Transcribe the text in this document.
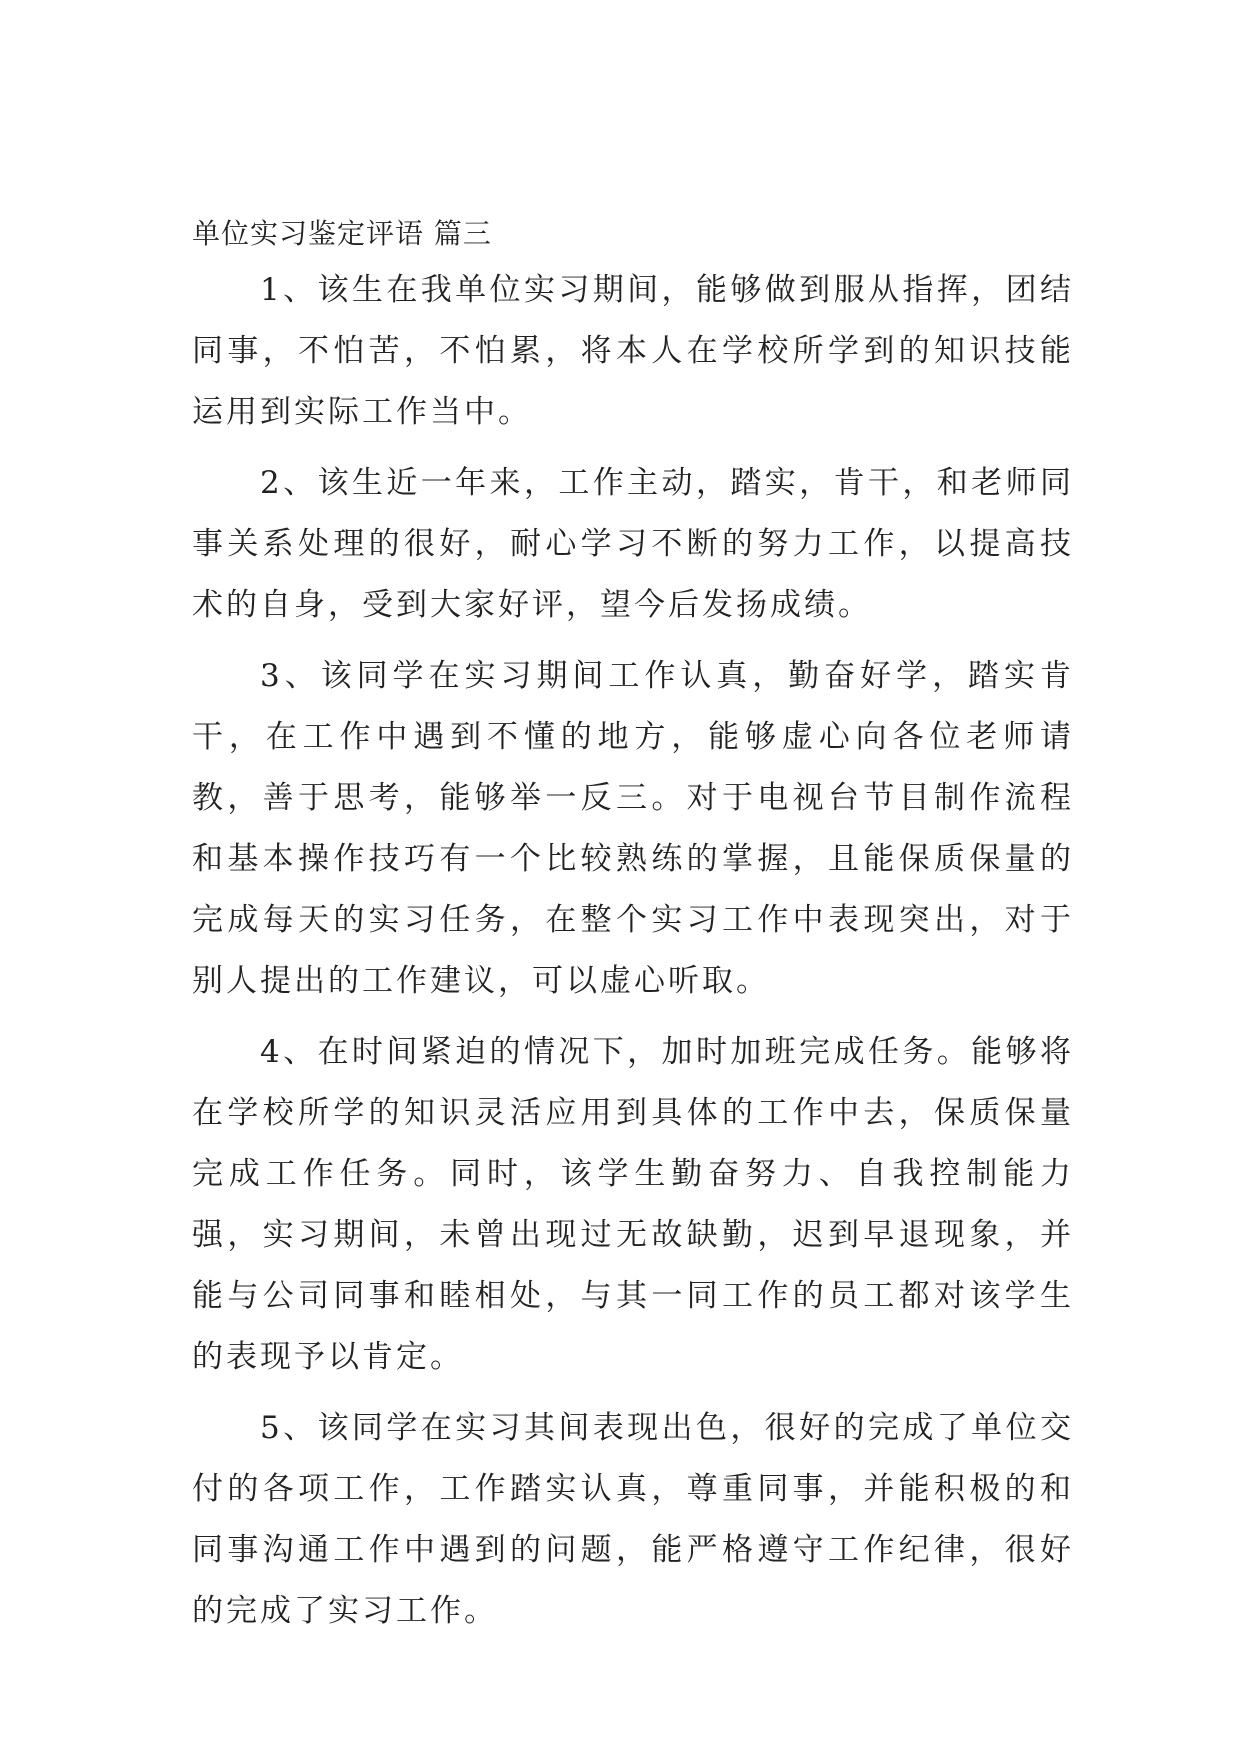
单位实习鉴定评语 篇三

1、该生在我单位实习期间，能够做到服从指挥，团结同事，不怕苦，不怕累，将本人在学校所学到的知识技能运用到实际工作当中。

2、该生近一年来，工作主动，踏实，肯干，和老师同事关系处理的很好，耐心学习不断的努力工作，以提高技术的自身，受到大家好评，望今后发扬成绩。

3、该同学在实习期间工作认真，勤奋好学，踏实肯干，在工作中遇到不懂的地方，能够虚心向各位老师请教，善于思考，能够举一反三。对于电视台节目制作流程和基本操作技巧有一个比较熟练的掌握，且能保质保量的完成每天的实习任务，在整个实习工作中表现突出，对于别人提出的工作建议，可以虚心听取。

4、在时间紧迫的情况下，加时加班完成任务。能够将在学校所学的知识灵活应用到具体的工作中去，保质保量完成工作任务。同时，该学生勤奋努力、自我控制能力强，实习期间，未曾出现过无故缺勤，迟到早退现象，并能与公司同事和睦相处，与其一同工作的员工都对该学生的表现予以肯定。

5、该同学在实习其间表现出色，很好的完成了单位交付的各项工作，工作踏实认真，尊重同事，并能积极的和同事沟通工作中遇到的问题，能严格遵守工作纪律，很好的完成了实习工作。
